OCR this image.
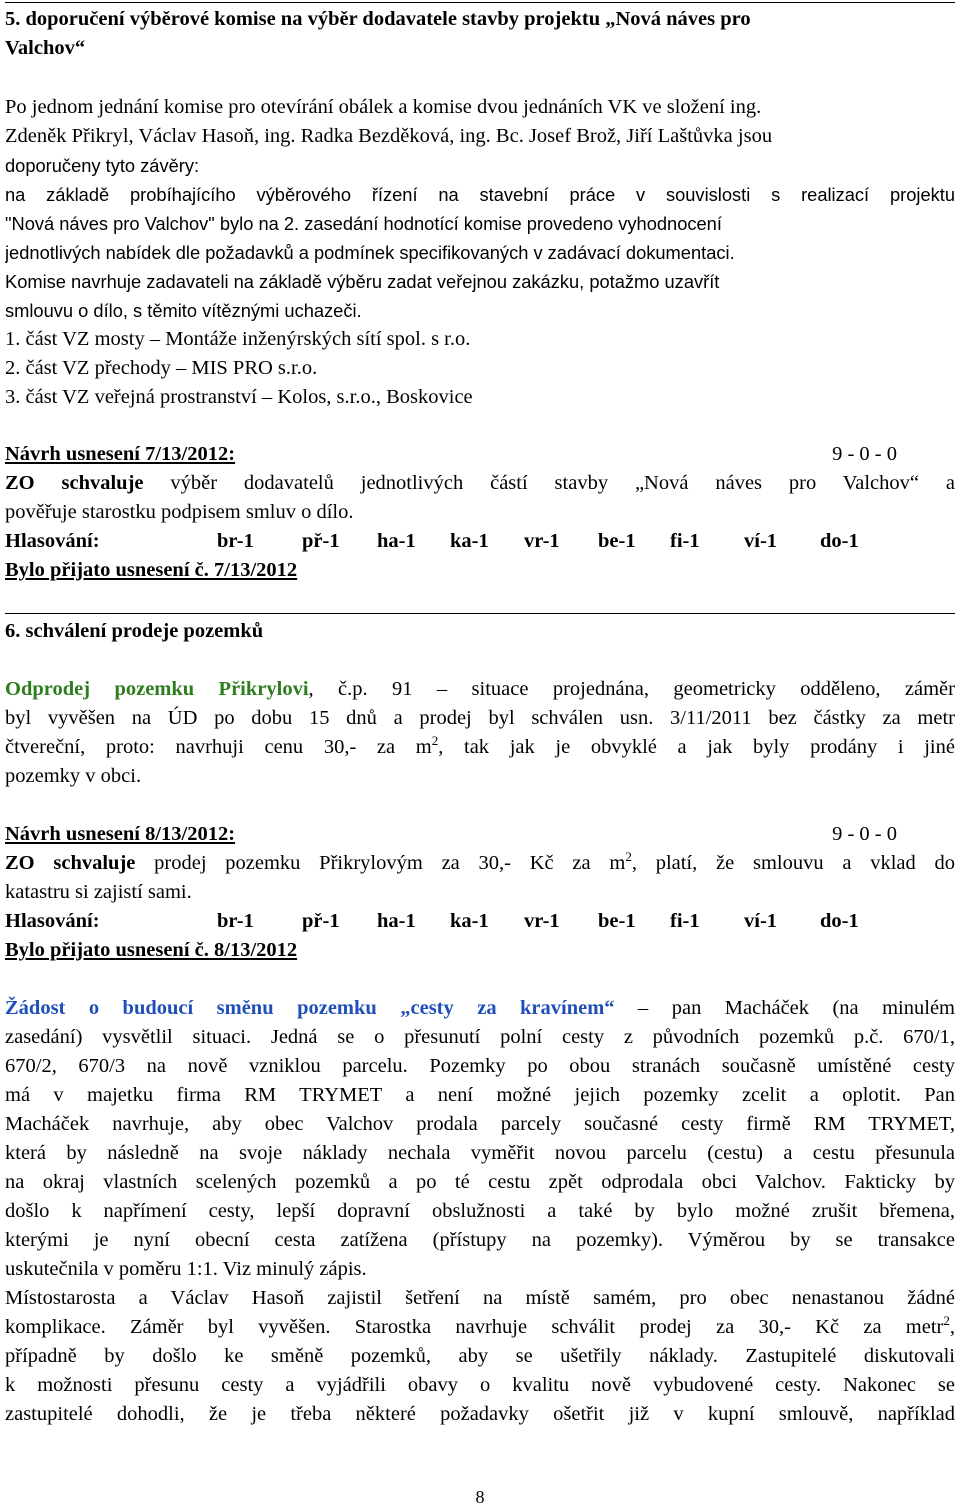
5. doporučení výběrové komise na výběr dodavatele stavby projektu „Nová náves pro
Valchov“
Po jednom jednání komise pro otevírání obálek a komise dvou jednáních VK ve složení ing.
Zdeněk Přikryl, Václav Hasoň, ing. Radka Bezděková, ing. Bc. Josef Brož, Jiří Laštůvka jsou
doporučeny tyto závěry:
na základě probíhajícího výběrového řízení na stavební práce v souvislosti s realizací projektu
"Nová náves pro Valchov" bylo na 2. zasedání hodnotící komise provedeno vyhodnocení
jednotlivých nabídek dle požadavků a podmínek specifikovaných v zadávací dokumentaci.
Komise navrhuje zadavateli na základě výběru zadat veřejnou zakázku, potažmo uzavřít
smlouvu o dílo, s těmito vítěznými uchazeči.
1. část VZ mosty – Montáže inženýrských sítí spol. s r.o.
2. část VZ přechody – MIS PRO s.r.o.
3. část VZ veřejná prostranství – Kolos, s.r.o., Boskovice
Návrh usnesení 7/13/2012:	9 - 0 - 0
ZO schvaluje výběr dodavatelů jednotlivých částí stavby „Nová náves pro Valchov“ a
pověřuje starostku podpisem smluv o dílo.
Hlasování:	br-1 př-1 ha-1 ka-1 vr-1 be-1 fi-1 ví-1 do-1
Bylo přijato usnesení č. 7/13/2012
6. schválení prodeje pozemků
Odprodej pozemku Přikrylovi, č.p. 91 – situace projednána, geometricky odděleno, záměr
byl vyvěšen na ÚD po dobu 15 dnů a prodej byl schválen usn. 3/11/2011 bez částky za metr
čtvereční, proto: navrhuji cenu 30,- za $m^2$, tak jak je obvyklé a jak byly prodány i jiné
pozemky v obci.
Návrh usnesení 8/13/2012:	9 - 0 - 0
ZO schvaluje prodej pozemku Přikrylovým za 30,- Kč za $m^2$, platí, že smlouvu a vklad do
katastru si zajistí sami.
Hlasování:	br-1 př-1 ha-1 ka-1 vr-1 be-1 fi-1 ví-1 do-1
Bylo přijato usnesení č. 8/13/2012
Žádost o budoucí směnu pozemku „cesty za kravínem“ – pan Macháček (na minulém
zasedání) vysvětlil situaci. Jedná se o přesunutí polní cesty z původních pozemků p.č. 670/1,
670/2, 670/3 na nově vzniklou parcelu. Pozemky po obou stranách současně umístěné cesty
má v majetku firma RM TRYMET a není možné jejich pozemky zcelit a oplotit. Pan
Macháček navrhuje, aby obec Valchov prodala parcely současné cesty firmě RM TRYMET,
která by následně na svoje náklady nechala vyměřit novou parcelu (cestu) a cestu přesunula
na okraj vlastních scelených pozemků a po té cestu zpět odprodala obci Valchov. Fakticky by
došlo k napřímení cesty, lepší dopravní obslužnosti a také by bylo možné zrušit břemena,
kterými je nyní obecní cesta zatížena (přístupy na pozemky). Výměrou by se transakce
uskutečnila v poměru 1:1. Viz minulý zápis.
Místostarosta a Václav Hasoň zajistil šetření na místě samém, pro obec nenastanou žádné
komplikace. Záměr byl vyvěšen. Starostka navrhuje schválit prodej za 30,- Kč za metr$^2$,
případně by došlo ke směně pozemků, aby se ušetřily náklady. Zastupitelé diskutovali
k možnosti přesunu cesty a vyjádřili obavy o kvalitu nově vybudovené cesty. Nakonec se
zastupitelé dohodli, že je třeba některé požadavky ošetřit již v kupní smlouvě, například
8
